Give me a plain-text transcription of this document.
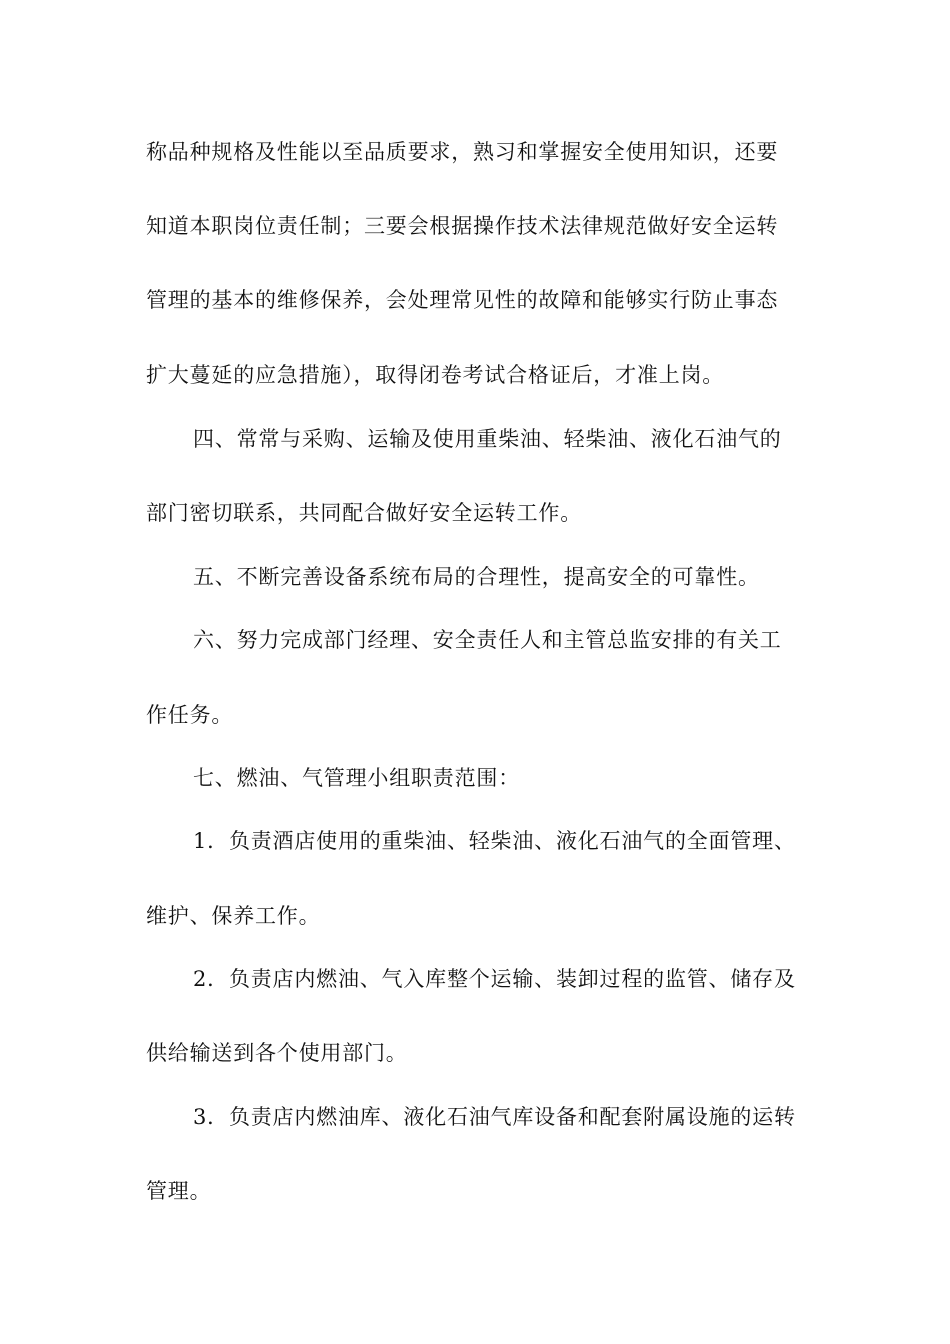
称品种规格及性能以至品质要求，熟习和掌握安全使用知识，还要
知道本职岗位责任制；三要会根据操作技术法律规范做好安全运转
管理的基本的维修保养，会处理常见性的故障和能够实行防止事态
扩大蔓延的应急措施），取得闭卷考试合格证后，才准上岗。
四、常常与采购、运输及使用重柴油、轻柴油、液化石油气的
部门密切联系，共同配合做好安全运转工作。
五、不断完善设备系统布局的合理性，提高安全的可靠性。
六、努力完成部门经理、安全责任人和主管总监安排的有关工
作任务。
七、燃油、气管理小组职责范围：
1．负责酒店使用的重柴油、轻柴油、液化石油气的全面管理、
维护、保养工作。
2．负责店内燃油、气入库整个运输、装卸过程的监管、储存及
供给输送到各个使用部门。
3．负责店内燃油库、液化石油气库设备和配套附属设施的运转
管理。
